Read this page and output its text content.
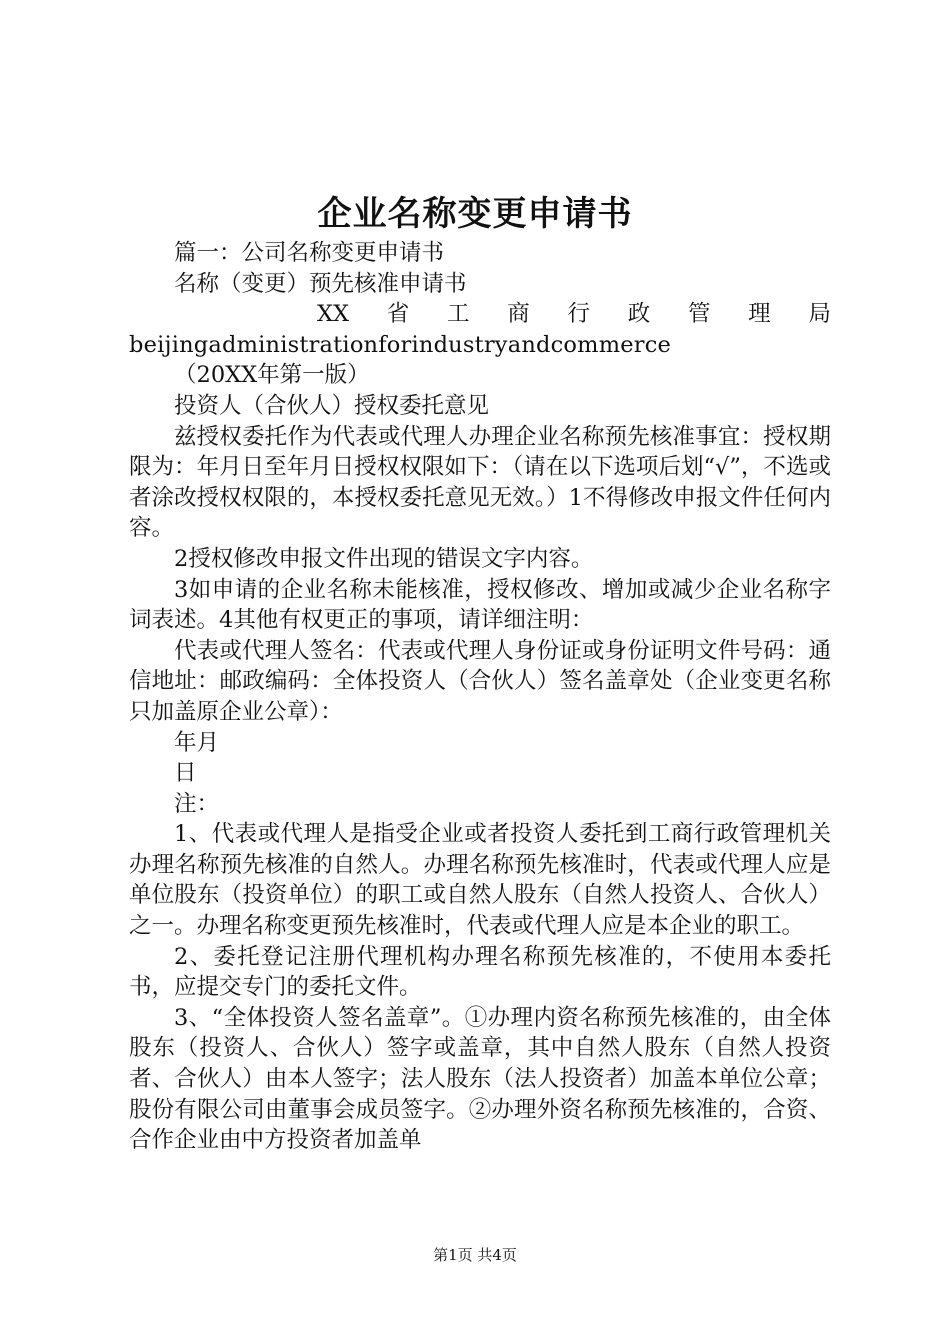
企业名称变更申请书

篇一：公司名称变更申请书

名称（变更）预先核准申请书

XX 省 工 商 行 政 管 理 局

beijingadministrationforindustryandcommerce

（20XX年第一版）

投资人（合伙人）授权委托意见

兹授权委托作为代表或代理人办理企业名称预先核准事宜：授权期限为：年月日至年月日授权权限如下：（请在以下选项后划“√”，不选或者涂改授权权限的，本授权委托意见无效。）1不得修改申报文件任何内容。

2授权修改申报文件出现的错误文字内容。

3如申请的企业名称未能核准，授权修改、增加或减少企业名称字词表述。4其他有权更正的事项，请详细注明：

代表或代理人签名：代表或代理人身份证或身份证明文件号码：通信地址：邮政编码：全体投资人（合伙人）签名盖章处（企业变更名称只加盖原企业公章）：

年月

日

注：

1、代表或代理人是指受企业或者投资人委托到工商行政管理机关办理名称预先核准的自然人。办理名称预先核准时，代表或代理人应是单位股东（投资单位）的职工或自然人股东（自然人投资人、合伙人）之一。办理名称变更预先核准时，代表或代理人应是本企业的职工。

2、委托登记注册代理机构办理名称预先核准的，不使用本委托书，应提交专门的委托文件。

3、“全体投资人签名盖章”。①办理内资名称预先核准的，由全体股东（投资人、合伙人）签字或盖章，其中自然人股东（自然人投资者、合伙人）由本人签字；法人股东（法人投资者）加盖本单位公章；股份有限公司由董事会成员签字。②办理外资名称预先核准的，合资、合作企业由中方投资者加盖单

第1页 共4页
